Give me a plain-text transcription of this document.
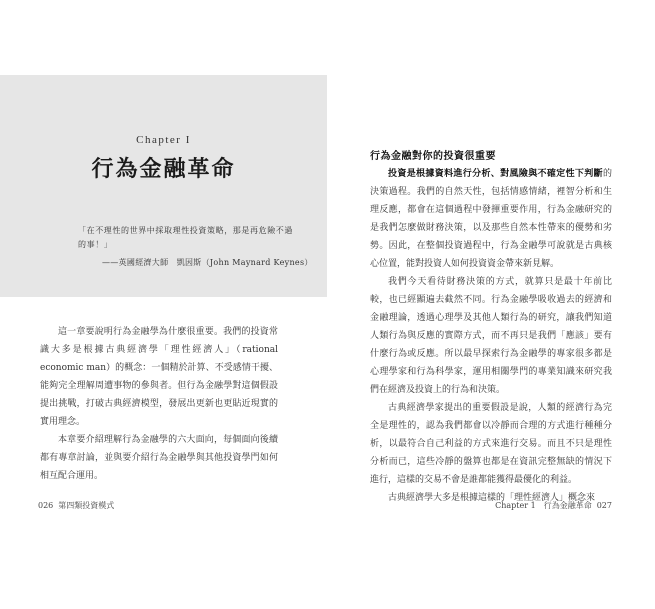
Chapter I
行為金融革命
「在不理性的世界中採取理性投資策略，那是再危險不過的事！」
——英國經濟大師　凱因斯（John Maynard Keynes）

這一章要說明行為金融學為什麼很重要。我們的投資常識大多是根據古典經濟學「理性經濟人」（rational economic man）的概念：一個精於計算、不受感情干擾、能夠完全理解周遭事物的參與者。但行為金融學對這個假設提出挑戰，打破古典經濟模型，發展出更新也更貼近現實的實用理念。

本章要介紹理解行為金融學的六大面向，每個面向後續都有專章討論，並與要介紹行為金融學與其他投資學門如何相互配合運用。

026 第四類投資模式
行為金融對你的投資很重要

投資是根據資料進行分析、對風險與不確定性下判斷的決策過程。我們的自然天性，包括情感情緒，裡智分析和生理反應，都會在這個過程中發揮重要作用，行為金融研究的是我們怎麼做財務決策，以及那些自然本性帶來的優勢和劣勢。因此，在整個投資過程中，行為金融學可說就是古典核心位置，能對投資人如何投資資金帶來新見解。

我們今天看待財務決策的方式，就算只是最十年前比較，也已經顯遍去截然不同。行為金融學吸收過去的經濟和金融理論，透過心理學及其他人類行為的研究，讓我們知道人類行為與反應的實際方式，而不再只是我們「應該」要有什麼行為或反應。所以最早探索行為金融學的專家很多都是心理學家和行為科學家，運用相關學門的專業知識來研究我們在經濟及投資上的行為和決策。

古典經濟學家提出的重要假設是說，人類的經濟行為完全是理性的，認為我們都會以冷靜而合理的方式進行種種分析，以最符合自己利益的方式來進行交易。而且不只是理性分析而已，這些冷靜的盤算也都是在資訊完整無缺的情況下進行，這樣的交易不會是誰都能獲得最優化的利益。

古典經濟學大多是根據這樣的「理性經濟人」概念來

Chapter 1　行為金融革命 027
